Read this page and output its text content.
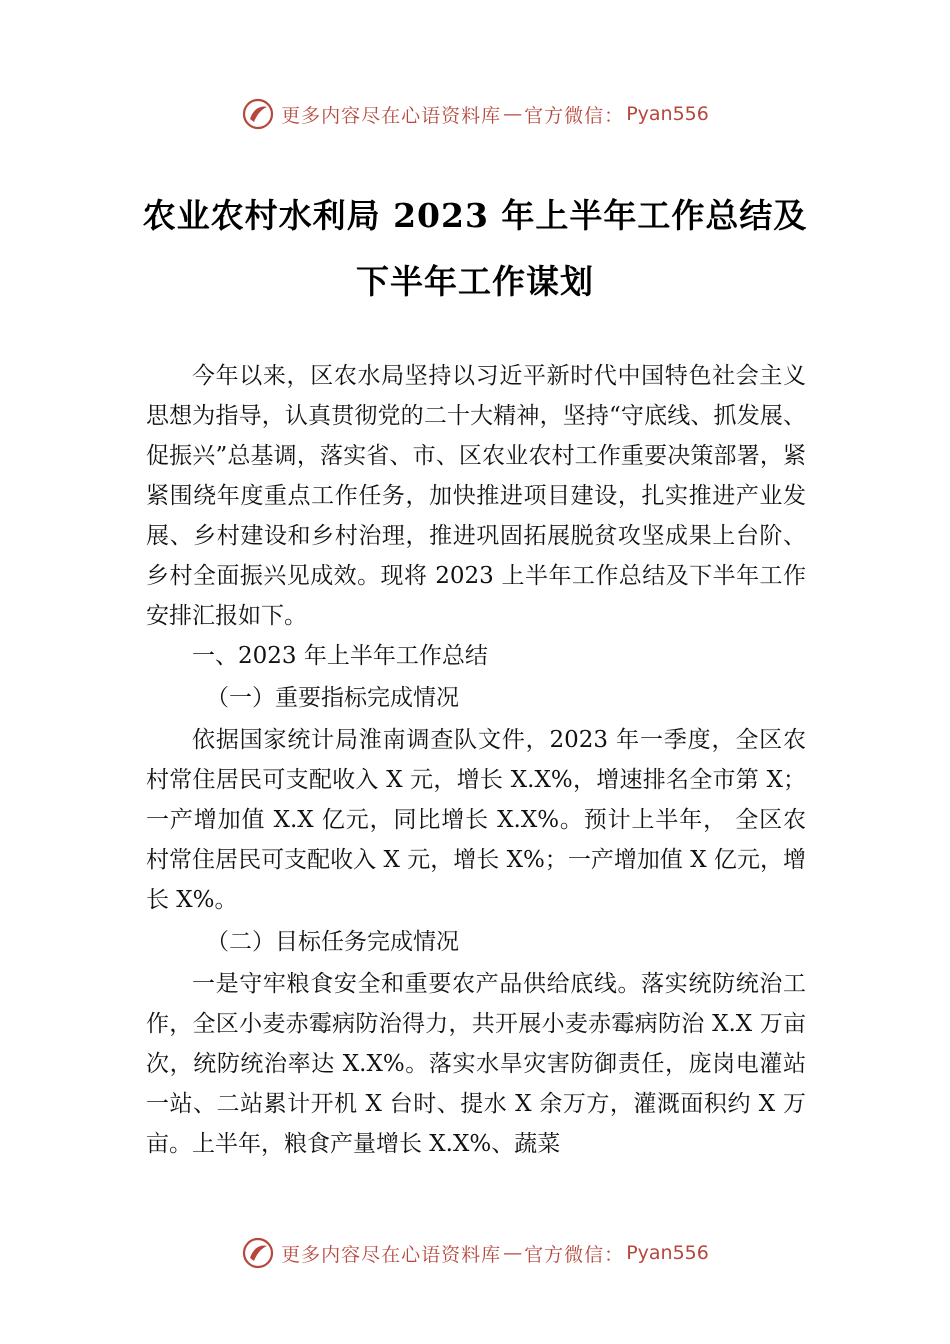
更多内容尽在心语资料库 — 官方微信： Pyan556
农业农村水利局 2023 年上半年工作总结及
下半年工作谋划

今年以来，区农水局坚持以习近平新时代中国特色社会主义思想为指导，认真贯彻党的二十大精神，坚持“守底线、抓发展、促振兴”总基调，落实省、市、区农业农村工作重要决策部署，紧紧围绕年度重点工作任务，加快推进项目建设，扎实推进产业发展、乡村建设和乡村治理，推进巩固拓展脱贫攻坚成果上台阶、乡村全面振兴见成效。现将 2023 上半年工作总结及下半年工作安排汇报如下。

一、2023 年上半年工作总结

（一）重要指标完成情况

依据国家统计局淮南调查队文件，2023 年一季度，全区农村常住居民可支配收入 X 元，增长 X.X%，增速排名全市第 X；一产增加值 X.X 亿元，同比增长 X.X%。预计上半年， 全区农村常住居民可支配收入 X 元，增长 X%；一产增加值 X 亿元，增长 X%。

（二）目标任务完成情况

一是守牢粮食安全和重要农产品供给底线。落实统防统治工作，全区小麦赤霉病防治得力，共开展小麦赤霉病防治 X.X 万亩次，统防统治率达 X.X%。落实水旱灾害防御责任，庞岗电灌站一站、二站累计开机 X 台时、提水 X 余万方，灌溉面积约 X 万亩。上半年，粮食产量增长 X.X%、蔬菜

更多内容尽在心语资料库 — 官方微信： Pyan556
